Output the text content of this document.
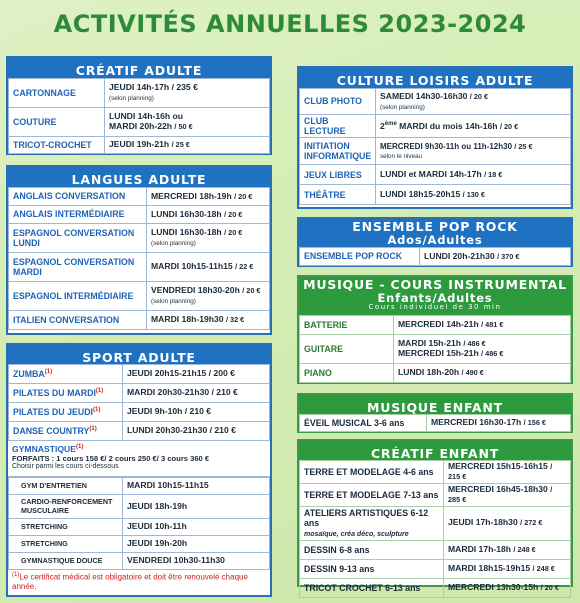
ACTIVITÉS ANNUELLES 2023-2024
CRÉATIF ADULTE
CARTONNAGE	JEUDI 14h-17h / 235 €
(selon planning)
COUTURE	LUNDI 14h-16h ou
MARDI 20h-22h / 50 €
TRICOT-CROCHET	JEUDI 19h-21h / 25 €
LANGUES ADULTE
ANGLAIS CONVERSATION	MERCREDI 18h-19h / 20 €
ANGLAIS INTERMÉDIAIRE	LUNDI 16h30-18h / 20 €
ESPAGNOL CONVERSATION LUNDI	LUNDI 16h30-18h / 20 €
(selon planning)
ESPAGNOL CONVERSATION MARDI	MARDI 10h15-11h15 / 22 €
ESPAGNOL INTERMÉDIAIRE	VENDREDI 18h30-20h / 20 €
(selon planning)
ITALIEN CONVERSATION	MARDI 18h-19h30 / 32 €
SPORT ADULTE
ZUMBA$^{(1)}$	JEUDI 20h15-21h15 / 200 €
PILATES DU MARDI$^{(1)}$	MARDI 20h30-21h30 / 210 €
PILATES DU JEUDI$^{(1)}$	JEUDI 9h-10h / 210 €
DANSE COUNTRY$^{(1)}$	LUNDI 20h30-21h30 / 210 €
GYMNASTIQUE$^{(1)}$
FORFAITS : 1 cours 158 €/ 2 cours 250 €/ 3 cours 360 €
Choisir parmi les cours ci-dessous
GYM D'ENTRETIEN	MARDI 10h15-11h15
CARDIO-RENFORCEMENT MUSCULAIRE	JEUDI 18h-19h
STRETCHING	JEUDI 10h-11h
STRETCHING	JEUDI 19h-20h
GYMNASTIQUE DOUCE	VENDREDI 10h30-11h30
$^{(1)}$Le certificat médical est obligatoire et doit être renouvelé chaque année.
CULTURE LOISIRS ADULTE
CLUB PHOTO	SAMEDI 14h30-16h30 / 20 €
(selon planning)
CLUB LECTURE	2ème MARDI du mois 14h-16h / 20 €
INITIATION INFORMATIQUE	MERCREDI 9h30-11h ou 11h-12h30 / 25 €
selon le niveau
JEUX LIBRES	LUNDI et MARDI 14h-17h / 18 €
THÉÂTRE	LUNDI 18h15-20h15 / 130 €
ENSEMBLE POP ROCK
Ados/Adultes
ENSEMBLE POP ROCK	LUNDI 20h-21h30 / 370 €
MUSIQUE - COURS INSTRUMENTAL
Enfants/Adultes
Cours individuel de 30 min
BATTERIE	MERCREDI 14h-21h / 481 €
GUITARE	MARDI 15h-21h / 486 €
MERCREDI 15h-21h / 486 €
PIANO	LUNDI 18h-20h / 490 €
MUSIQUE ENFANT
ÉVEIL MUSICAL 3-6 ans	MERCREDI 16h30-17h / 156 €
CRÉATIF ENFANT
TERRE ET MODELAGE 4-6 ans	MERCREDI 15h15-16h15 / 215 €
TERRE ET MODELAGE 7-13 ans	MERCREDI 16h45-18h30 / 285 €
ATELIERS ARTISTIQUES 6-12 ans
mosaïque, créa déco, sculpture	JEUDI 17h-18h30 / 272 €
DESSIN 6-8 ans	MARDI 17h-18h / 248 €
DESSIN 9-13 ans	MARDI 18h15-19h15 / 248 €
TRICOT CROCHET 6-13 ans	MERCREDI 13h30-15h / 20 €
